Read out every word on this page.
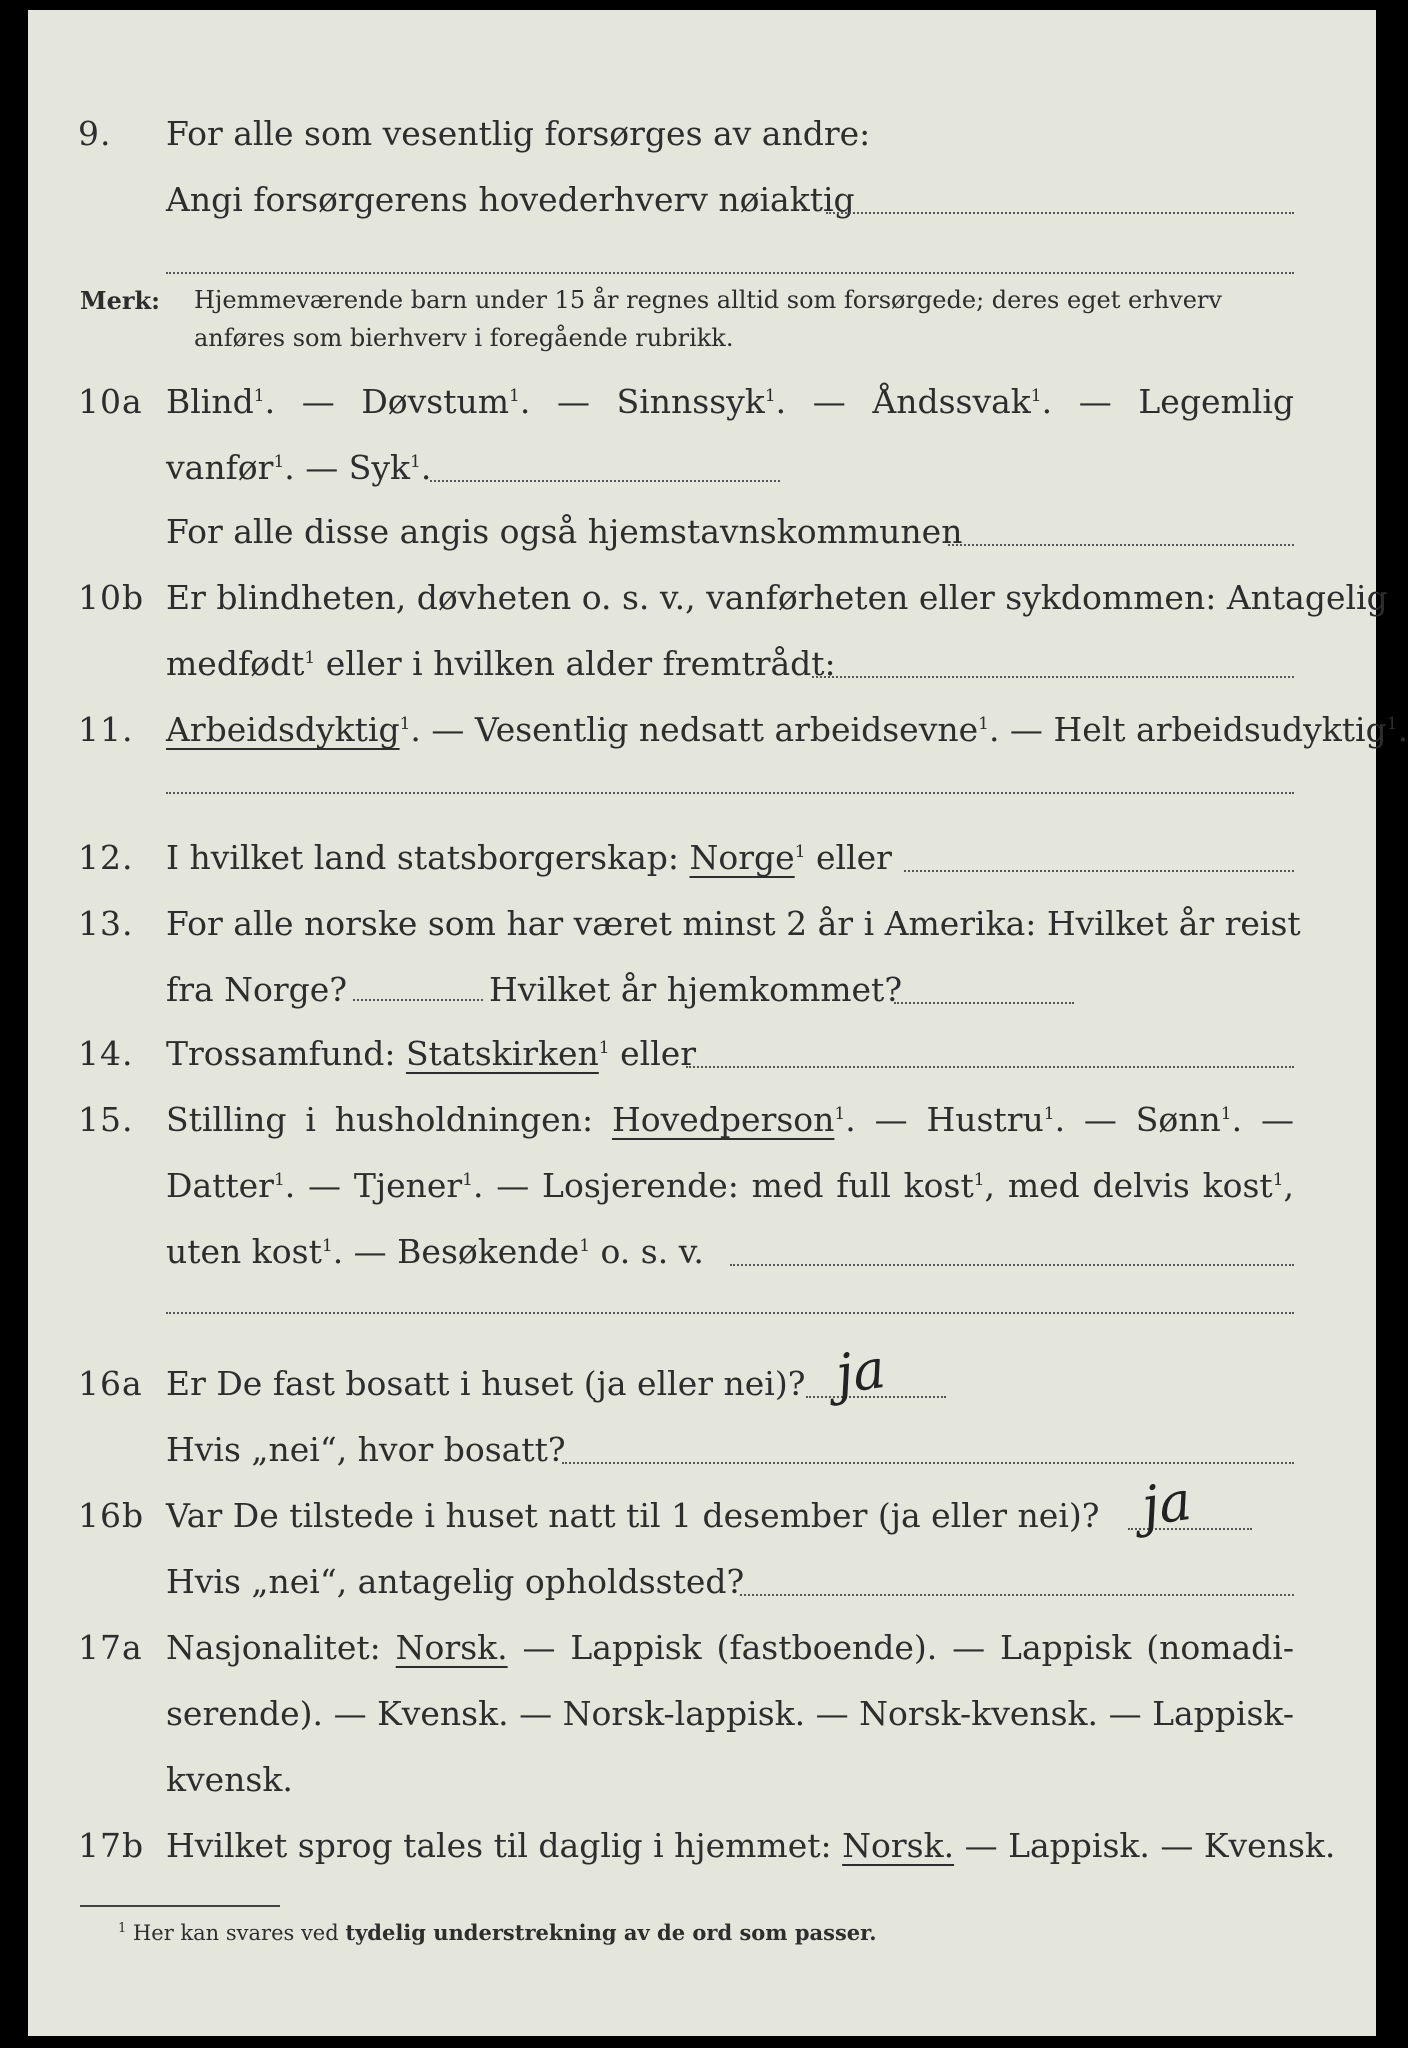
9. For alle som vesentlig forsørges av andre:
Angi forsørgerens hovederhverv nøiaktig
Merk: Hjemmeværende barn under 15 år regnes alltid som forsørgede; deres eget erhverv
anføres som bierhverv i foregående rubrikk.
10a Blind$^1$. — Døvstum$^1$. — Sinnssyk$^1$. — Åndssvak$^1$. — Legemlig
vanfør$^1$. — Syk$^1$.
For alle disse angis også hjemstavnskommunen
10b Er blindheten, døvheten o. s. v., vanførheten eller sykdommen: Antagelig
medfødt$^1$ eller i hvilken alder fremtrådt:
11. Arbeidsdyktig$^1$. — Vesentlig nedsatt arbeidsevne$^1$. — Helt arbeidsudyktig$^1$.
12. I hvilket land statsborgerskap: Norge$^1$ eller
13. For alle norske som har været minst 2 år i Amerika: Hvilket år reist
fra Norge?	Hvilket år hjemkommet?
14. Trossamfund: Statskirken$^1$ eller
15. Stilling i husholdningen: Hovedperson$^1$. — Hustru$^1$. — Sønn$^1$. —
Datter$^1$. — Tjener$^1$. — Losjerende: med full kost$^1$, med delvis kost$^1$,
uten kost$^1$. — Besøkende$^1$ o. s. v.
16a Er De fast bosatt i huset (ja eller nei)? ja
Hvis „nei“, hvor bosatt?
16b Var De tilstede i huset natt til 1 desember (ja eller nei)? ja
Hvis „nei“, antagelig opholdssted?
17a Nasjonalitet: Norsk. — Lappisk (fastboende). — Lappisk (nomadi-
serende). — Kvensk. — Norsk-lappisk. — Norsk-kvensk. — Lappisk-
kvensk.
17b Hvilket sprog tales til daglig i hjemmet: Norsk. — Lappisk. — Kvensk.
$^1$ Her kan svares ved tydelig understrekning av de ord som passer.
